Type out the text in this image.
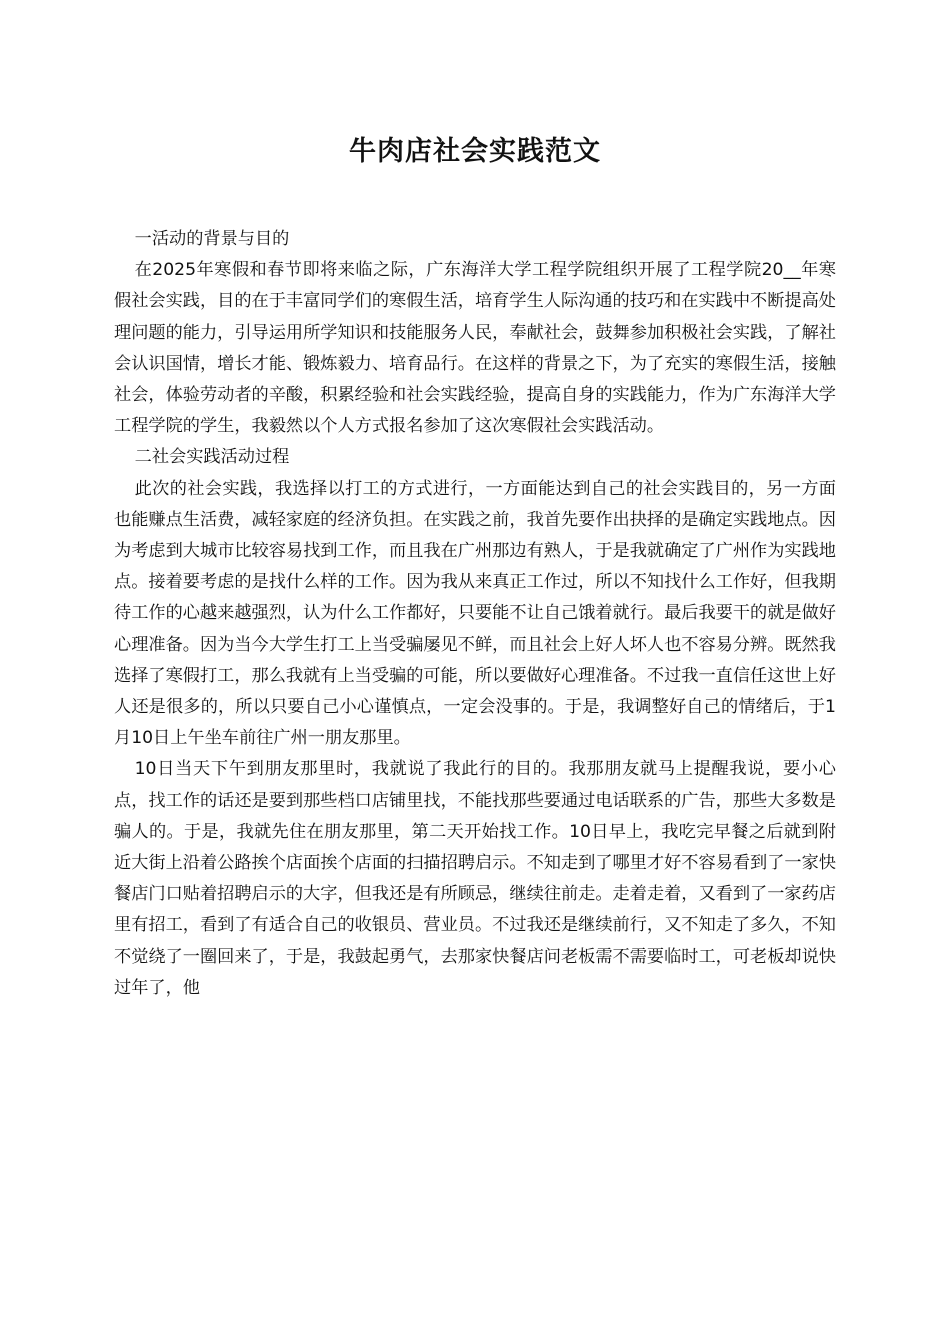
牛肉店社会实践范文

一活动的背景与目的

在2025年寒假和春节即将来临之际，广东海洋大学工程学院组织开展了工程学院20__年寒假社会实践，目的在于丰富同学们的寒假生活，培育学生人际沟通的技巧和在实践中不断提高处理问题的能力，引导运用所学知识和技能服务人民，奉献社会，鼓舞参加积极社会实践，了解社会认识国情，增长才能、锻炼毅力、培育品行。在这样的背景之下，为了充实的寒假生活，接触社会，体验劳动者的辛酸，积累经验和社会实践经验，提高自身的实践能力，作为广东海洋大学工程学院的学生，我毅然以个人方式报名参加了这次寒假社会实践活动。

二社会实践活动过程

此次的社会实践，我选择以打工的方式进行，一方面能达到自己的社会实践目的，另一方面也能赚点生活费，减轻家庭的经济负担。在实践之前，我首先要作出抉择的是确定实践地点。因为考虑到大城市比较容易找到工作，而且我在广州那边有熟人，于是我就确定了广州作为实践地点。接着要考虑的是找什么样的工作。因为我从来真正工作过，所以不知找什么工作好，但我期待工作的心越来越强烈，认为什么工作都好，只要能不让自己饿着就行。最后我要干的就是做好心理准备。因为当今大学生打工上当受骗屡见不鲜，而且社会上好人坏人也不容易分辨。既然我选择了寒假打工，那么我就有上当受骗的可能，所以要做好心理准备。不过我一直信任这世上好人还是很多的，所以只要自己小心谨慎点，一定会没事的。于是，我调整好自己的情绪后，于1月10日上午坐车前往广州一朋友那里。

10日当天下午到朋友那里时，我就说了我此行的目的。我那朋友就马上提醒我说，要小心点，找工作的话还是要到那些档口店铺里找，不能找那些要通过电话联系的广告，那些大多数是骗人的。于是，我就先住在朋友那里，第二天开始找工作。10日早上，我吃完早餐之后就到附近大街上沿着公路挨个店面挨个店面的扫描招聘启示。不知走到了哪里才好不容易看到了一家快餐店门口贴着招聘启示的大字，但我还是有所顾忌，继续往前走。走着走着，又看到了一家药店里有招工，看到了有适合自己的收银员、营业员。不过我还是继续前行，又不知走了多久，不知不觉绕了一圈回来了，于是，我鼓起勇气，去那家快餐店问老板需不需要临时工，可老板却说快过年了，他
